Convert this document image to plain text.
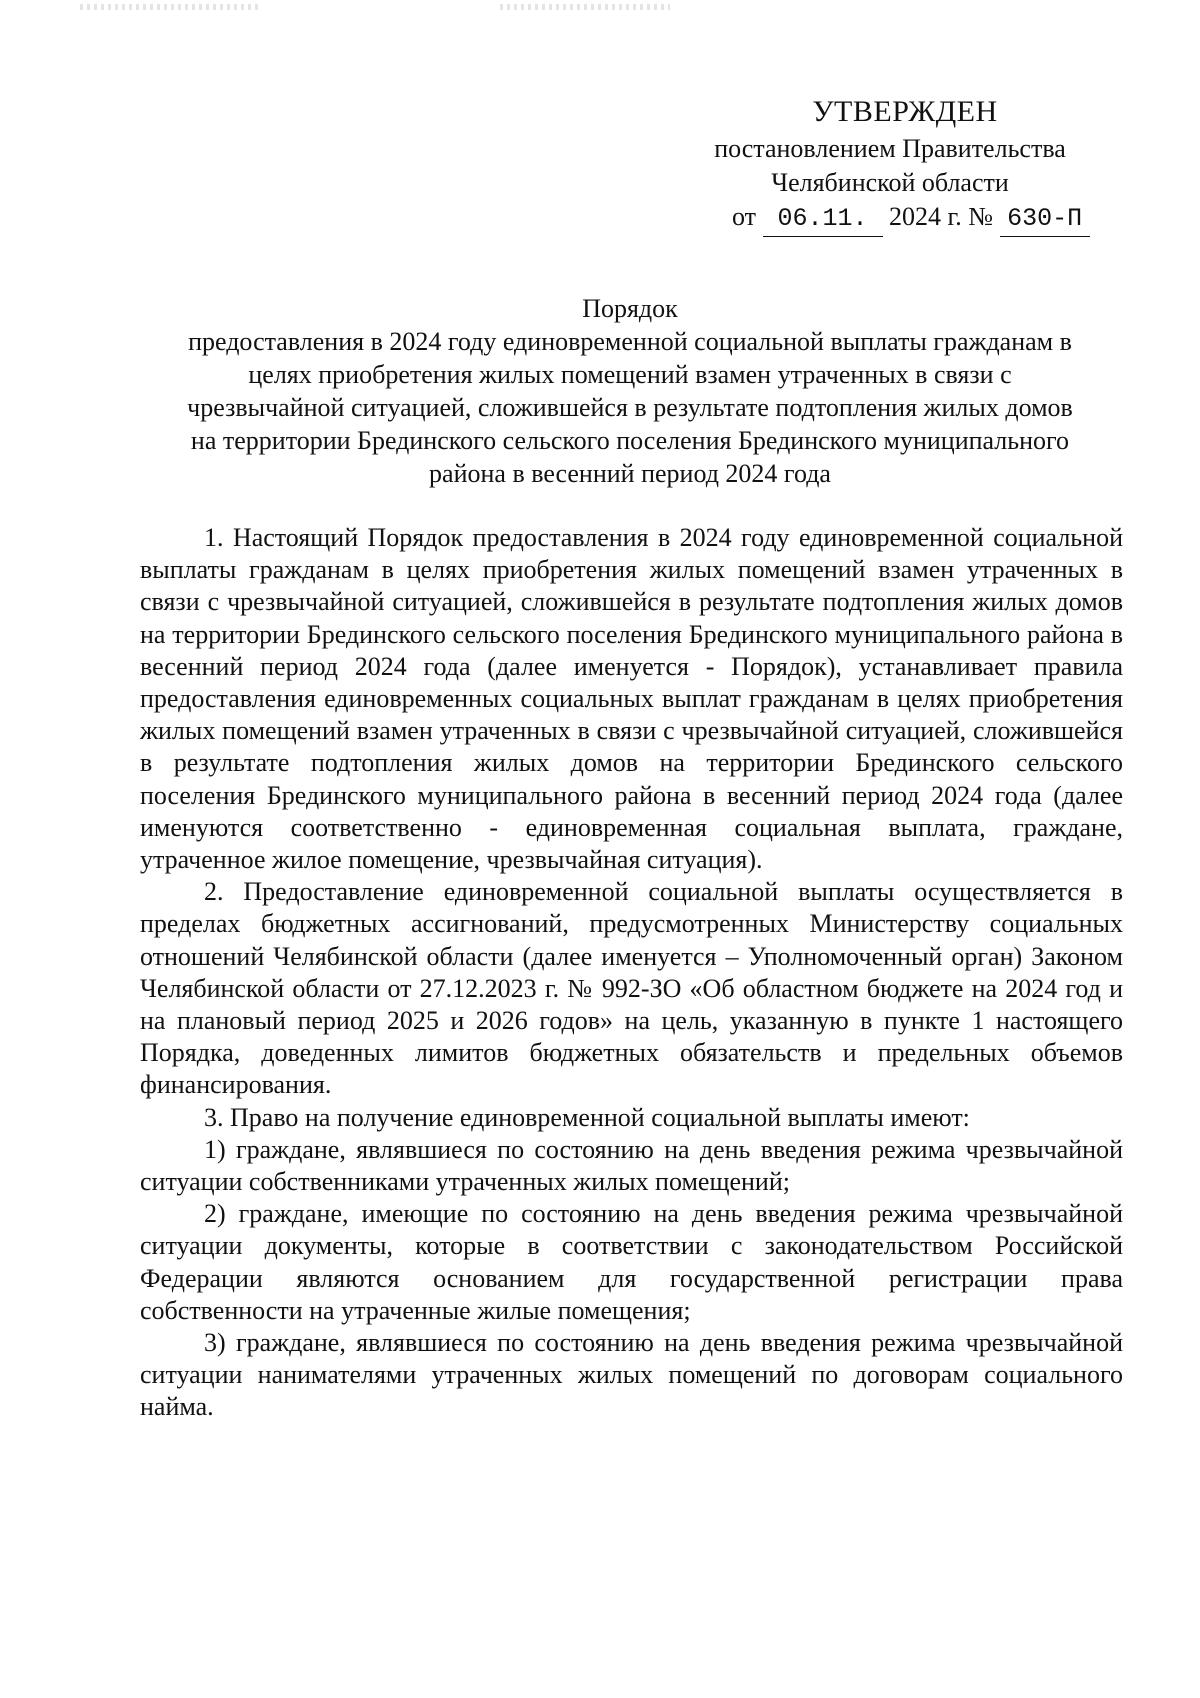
УТВЕРЖДЕН
постановлением Правительства
Челябинской области
от 06.11. 2024 г. № 630-П
Порядок
предоставления в 2024 году единовременной социальной выплаты гражданам в
целях приобретения жилых помещений взамен утраченных в связи с
чрезвычайной ситуацией, сложившейся в результате подтопления жилых домов
на территории Брединского сельского поселения Брединского муниципального
района в весенний период 2024 года

1. Настоящий Порядок предоставления в 2024 году единовременной социальной выплаты гражданам в целях приобретения жилых помещений взамен утраченных в связи с чрезвычайной ситуацией, сложившейся в результате подтопления жилых домов на территории Брединского сельского поселения Брединского муниципального района в весенний период 2024 года (далее именуется - Порядок), устанавливает правила предоставления единовременных социальных выплат гражданам в целях приобретения жилых помещений взамен утраченных в связи с чрезвычайной ситуацией, сложившейся в результате подтопления жилых домов на территории Брединского сельского поселения Брединского муниципального района в весенний период 2024 года (далее именуются соответственно - единовременная социальная выплата, граждане, утраченное жилое помещение, чрезвычайная ситуация).

2. Предоставление единовременной социальной выплаты осуществляется в пределах бюджетных ассигнований, предусмотренных Министерству социальных отношений Челябинской области (далее именуется – Уполномоченный орган) Законом Челябинской области от 27.12.2023 г. № 992-ЗО «Об областном бюджете на 2024 год и на плановый период 2025 и 2026 годов» на цель, указанную в пункте 1 настоящего Порядка, доведенных лимитов бюджетных обязательств и предельных объемов финансирования.

3. Право на получение единовременной социальной выплаты имеют:

1) граждане, являвшиеся по состоянию на день введения режима чрезвычайной ситуации собственниками утраченных жилых помещений;

2) граждане, имеющие по состоянию на день введения режима чрезвычайной ситуации документы, которые в соответствии с законодательством Российской Федерации являются основанием для государственной регистрации права собственности на утраченные жилые помещения;

3) граждане, являвшиеся по состоянию на день введения режима чрезвычайной ситуации нанимателями утраченных жилых помещений по договорам социального найма.
